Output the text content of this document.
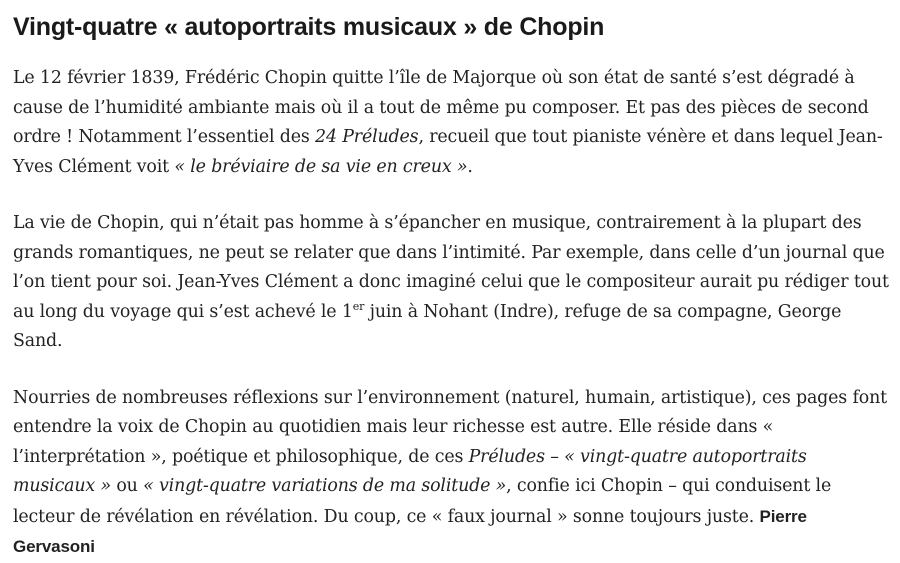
Vingt-quatre « autoportraits musicaux » de Chopin

Le 12 février 1839, Frédéric Chopin quitte l’île de Majorque où son état de santé s’est dégradé à cause de l’humidité ambiante mais où il a tout de même pu composer. Et pas des pièces de second ordre ! Notamment l’essentiel des 24 Préludes, recueil que tout pianiste vénère et dans lequel Jean-Yves Clément voit « le bréviaire de sa vie en creux ».

La vie de Chopin, qui n’était pas homme à s’épancher en musique, contrairement à la plupart des grands romantiques, ne peut se relater que dans l’intimité. Par exemple, dans celle d’un journal que l’on tient pour soi. Jean-Yves Clément a donc imaginé celui que le compositeur aurait pu rédiger tout au long du voyage qui s’est achevé le 1er juin à Nohant (Indre), refuge de sa compagne, George Sand.

Nourries de nombreuses réflexions sur l’environnement (naturel, humain, artistique), ces pages font entendre la voix de Chopin au quotidien mais leur richesse est autre. Elle réside dans « l’interprétation », poétique et philosophique, de ces Préludes – « vingt-quatre autoportraits musicaux » ou « vingt-quatre variations de ma solitude », confie ici Chopin – qui conduisent le lecteur de révélation en révélation. Du coup, ce « faux journal » sonne toujours juste. Pierre Gervasoni
